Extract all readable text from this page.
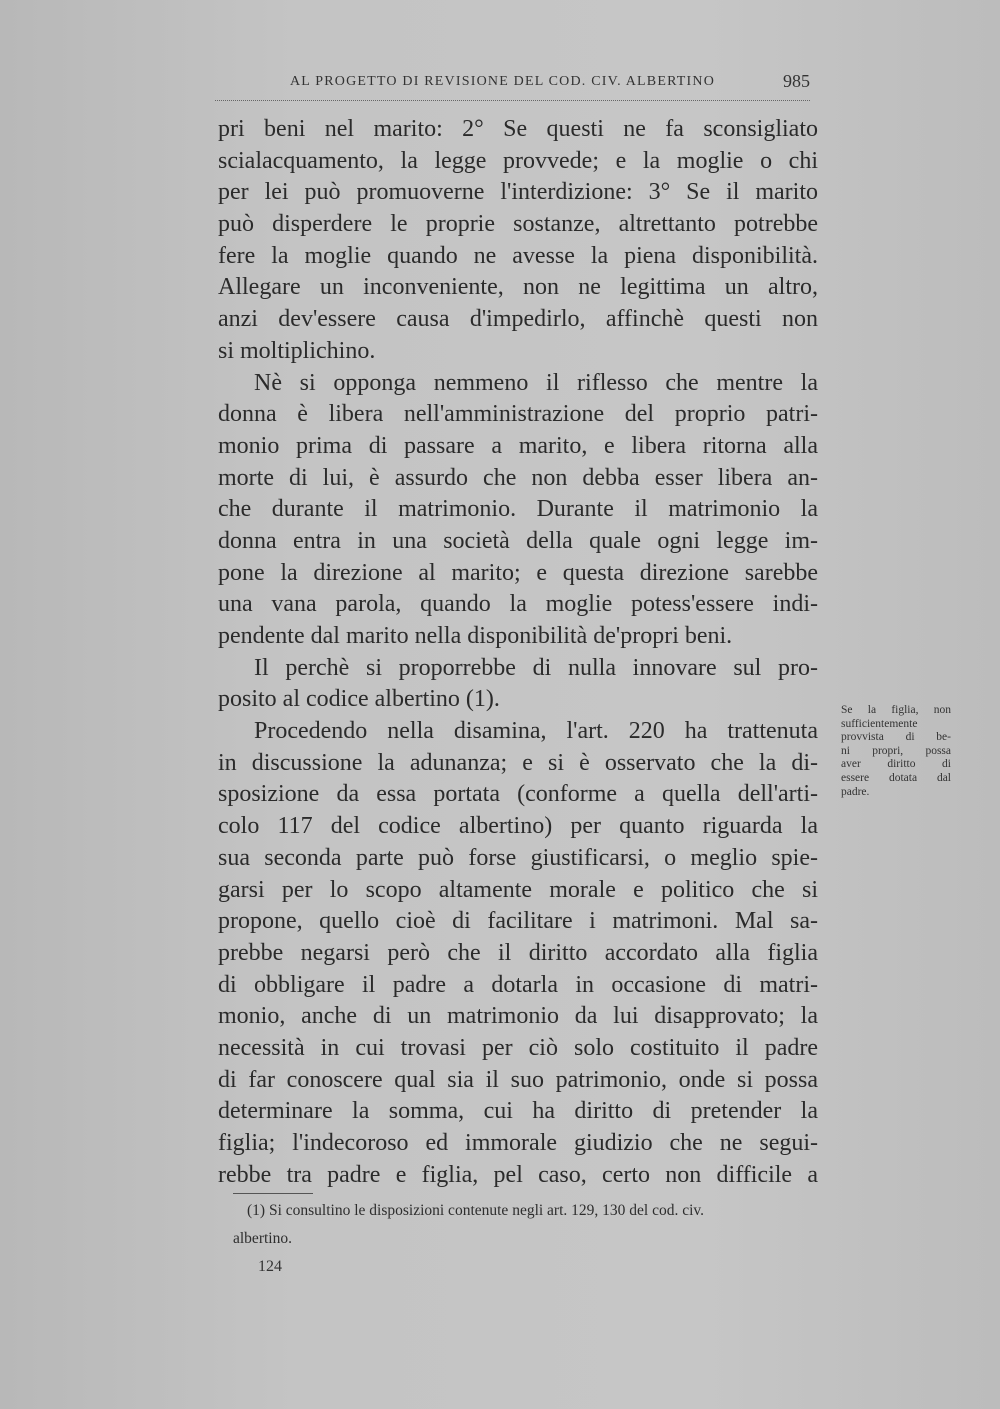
AL PROGETTO DI REVISIONE DEL COD. CIV. ALBERTINO	985
pri beni nel marito: 2° Se questi ne fa sconsigliato
scialacquamento, la legge provvede; e la moglie o chi
per lei può promuoverne l'interdizione: 3° Se il marito
può disperdere le proprie sostanze, altrettanto potrebbe
fere la moglie quando ne avesse la piena disponibilità.
Allegare un inconveniente, non ne legittima un altro,
anzi dev'essere causa d'impedirlo, affinchè questi non
si moltiplichino.
Nè si opponga nemmeno il riflesso che mentre la
donna è libera nell'amministrazione del proprio patri-
monio prima di passare a marito, e libera ritorna alla
morte di lui, è assurdo che non debba esser libera an-
che durante il matrimonio. Durante il matrimonio la
donna entra in una società della quale ogni legge im-
pone la direzione al marito; e questa direzione sarebbe
una vana parola, quando la moglie potess'essere indi-
pendente dal marito nella disponibilità de'propri beni.
Il perchè si proporrebbe di nulla innovare sul pro-
posito al codice albertino (1).
Procedendo nella disamina, l'art. 220 ha trattenuta
in discussione la adunanza; e si è osservato che la di-
sposizione da essa portata (conforme a quella dell'arti-
colo 117 del codice albertino) per quanto riguarda la
sua seconda parte può forse giustificarsi, o meglio spie-
garsi per lo scopo altamente morale e politico che si
propone, quello cioè di facilitare i matrimoni. Mal sa-
prebbe negarsi però che il diritto accordato alla figlia
di obbligare il padre a dotarla in occasione di matri-
monio, anche di un matrimonio da lui disapprovato; la
necessità in cui trovasi per ciò solo costituito il padre
di far conoscere qual sia il suo patrimonio, onde si possa
determinare la somma, cui ha diritto di pretender la
figlia; l'indecoroso ed immorale giudizio che ne segui-
rebbe tra padre e figlia, pel caso, certo non difficile a
Se la figlia, non
sufficientemente
provvista di be-
ni propri, possa
aver diritto di
essere dotata dal
padre.
(1) Si consultino le disposizioni contenute negli art. 129, 130 del cod. civ.
albertino.
124
